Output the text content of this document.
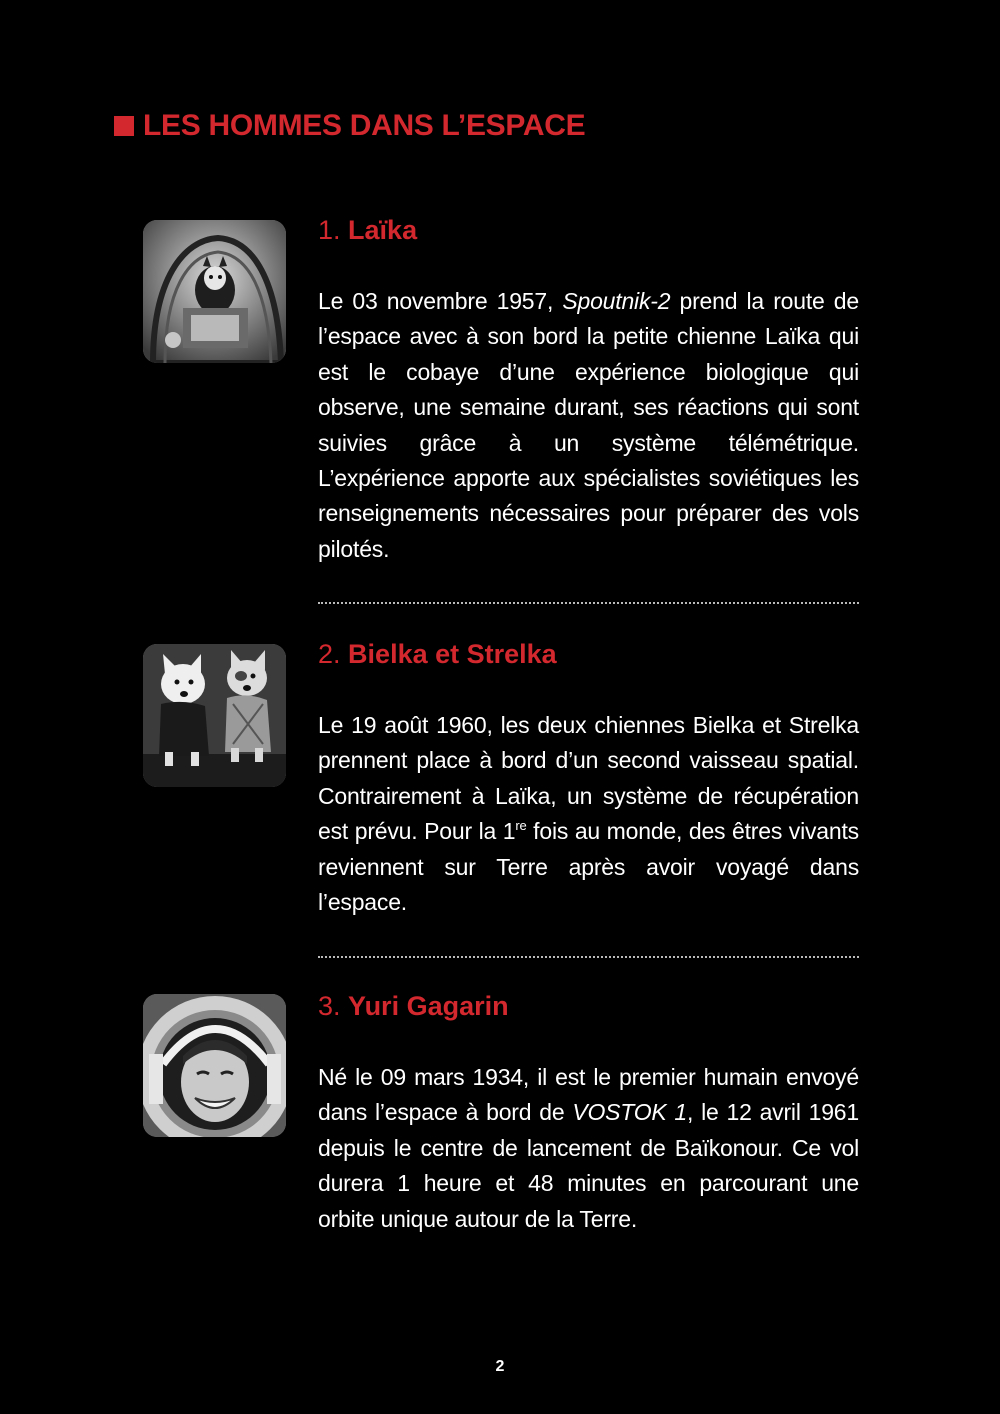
LES HOMMES DANS L’ESPACE
1. Laïka

Le 03 novembre 1957, Spoutnik-2 prend la route de l’espace avec à son bord la petite chienne Laïka qui est le cobaye d’une expérience biologique qui observe, une semaine durant, ses réactions qui sont suivies grâce à un système télémétrique. L’expérience apporte aux spécialistes soviétiques les renseignements nécessaires pour préparer des vols pilotés.

2. Bielka et Strelka

Le 19 août 1960, les deux chiennes Bielka et Strelka prennent place à bord d’un second vaisseau spatial. Contrairement à Laïka, un système de récupération est prévu. Pour la 1re fois au monde, des êtres vivants reviennent sur Terre après avoir voyagé dans l’espace.

3. Yuri Gagarin

Né le 09 mars 1934, il est le premier humain envoyé dans l’espace à bord de VOSTOK 1, le 12 avril 1961 depuis le centre de lancement de Baïkonour. Ce vol durera 1 heure et 48 minutes en parcourant une orbite unique autour de la Terre.

2
